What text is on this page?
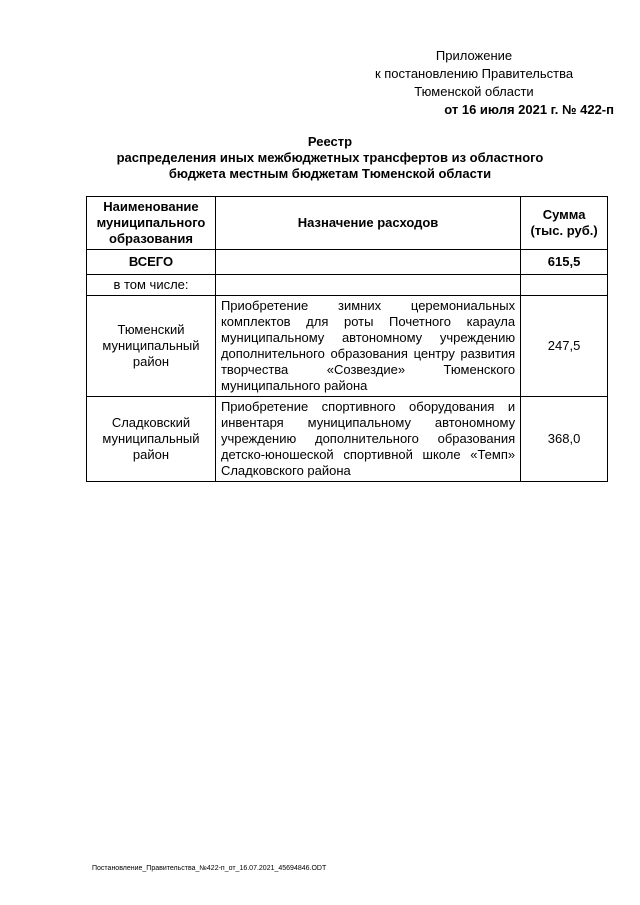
Приложение
к постановлению Правительства
Тюменской области
от 16 июля 2021 г. № 422-п
Реестр
распределения иных межбюджетных трансфертов из областного
бюджета местным бюджетам Тюменской области
Наименование муниципального образования	Назначение расходов	Сумма (тыс. руб.)
ВСЕГО		615,5
в том числе:		
Тюменский муниципальный район	Приобретение зимних церемониальных комплектов для роты Почетного караула муниципальному автономному учреждению дополнительного образования центру развития творчества «Созвездие» Тюменского муниципального района	247,5
Сладковский муниципальный район	Приобретение спортивного оборудования и инвентаря муниципальному автономному учреждению дополнительного образования детско-юношеской спортивной школе «Темп» Сладковского района	368,0
Постановление_Правительства_№422-п_от_16.07.2021_45694846.ODT
